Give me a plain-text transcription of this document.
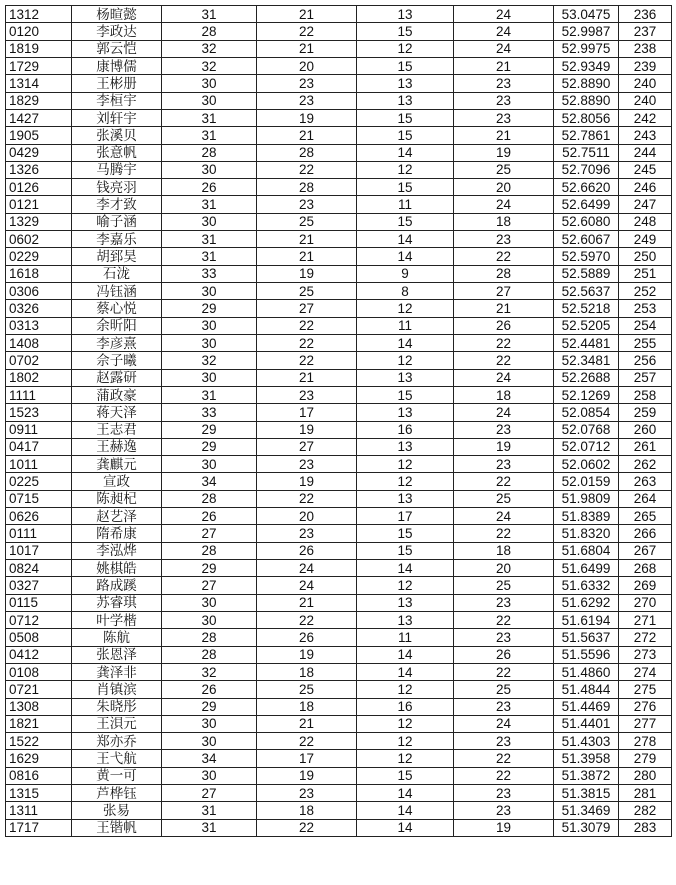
1312	杨暄懿	31	21	13	24	53.0475	236
0120	李政达	28	22	15	24	52.9987	237
1819	郭云恺	32	21	12	24	52.9975	238
1729	康博儒	32	20	15	21	52.9349	239
1314	王彬册	30	23	13	23	52.8890	240
1829	李桓宇	30	23	13	23	52.8890	240
1427	刘轩宇	31	19	15	23	52.8056	242
1905	张溪贝	31	21	15	21	52.7861	243
0429	张意帆	28	28	14	19	52.7511	244
1326	马腾宇	30	22	12	25	52.7096	245
0126	钱亮羽	26	28	15	20	52.6620	246
0121	李才致	31	23	11	24	52.6499	247
1329	喻子涵	30	25	15	18	52.6080	248
0602	李嘉乐	31	21	14	23	52.6067	249
0229	胡郅昊	31	21	14	22	52.5970	250
1618	石泷	33	19	9	28	52.5889	251
0306	冯钰涵	30	25	8	27	52.5637	252
0326	蔡心悦	29	27	12	21	52.5218	253
0313	余昕阳	30	22	11	26	52.5205	254
1408	李彦熹	30	22	14	22	52.4481	255
0702	佘子曦	32	22	12	22	52.3481	256
1802	赵露研	30	21	13	24	52.2688	257
1111	蒲政豪	31	23	15	18	52.1269	258
1523	蒋天泽	33	17	13	24	52.0854	259
0911	王志君	29	19	16	23	52.0768	260
0417	王赫逸	29	27	13	19	52.0712	261
1011	龚麒元	30	23	12	23	52.0602	262
0225	宣政	34	19	12	22	52.0159	263
0715	陈昶杞	28	22	13	25	51.9809	264
0626	赵艺泽	26	20	17	24	51.8389	265
0111	隋希康	27	23	15	22	51.8320	266
1017	李泓烨	28	26	15	18	51.6804	267
0824	姚棋皓	29	24	14	20	51.6499	268
0327	路成蹊	27	24	12	25	51.6332	269
0115	苏睿琪	30	21	13	23	51.6292	270
0712	叶学楷	30	22	13	22	51.6194	271
0508	陈航	28	26	11	23	51.5637	272
0412	张恩泽	28	19	14	26	51.5596	273
0108	龚泽非	32	18	14	22	51.4860	274
0721	肖镇滨	26	25	12	25	51.4844	275
1308	朱晓彤	29	18	16	23	51.4469	276
1821	王浿元	30	21	12	24	51.4401	277
1522	郑亦乔	30	22	12	23	51.4303	278
1629	王弋航	34	17	12	22	51.3958	279
0816	黄一可	30	19	15	22	51.3872	280
1315	芦桦钰	27	23	14	23	51.3815	281
1311	张易	31	18	14	23	51.3469	282
1717	王锴帆	31	22	14	19	51.3079	283
